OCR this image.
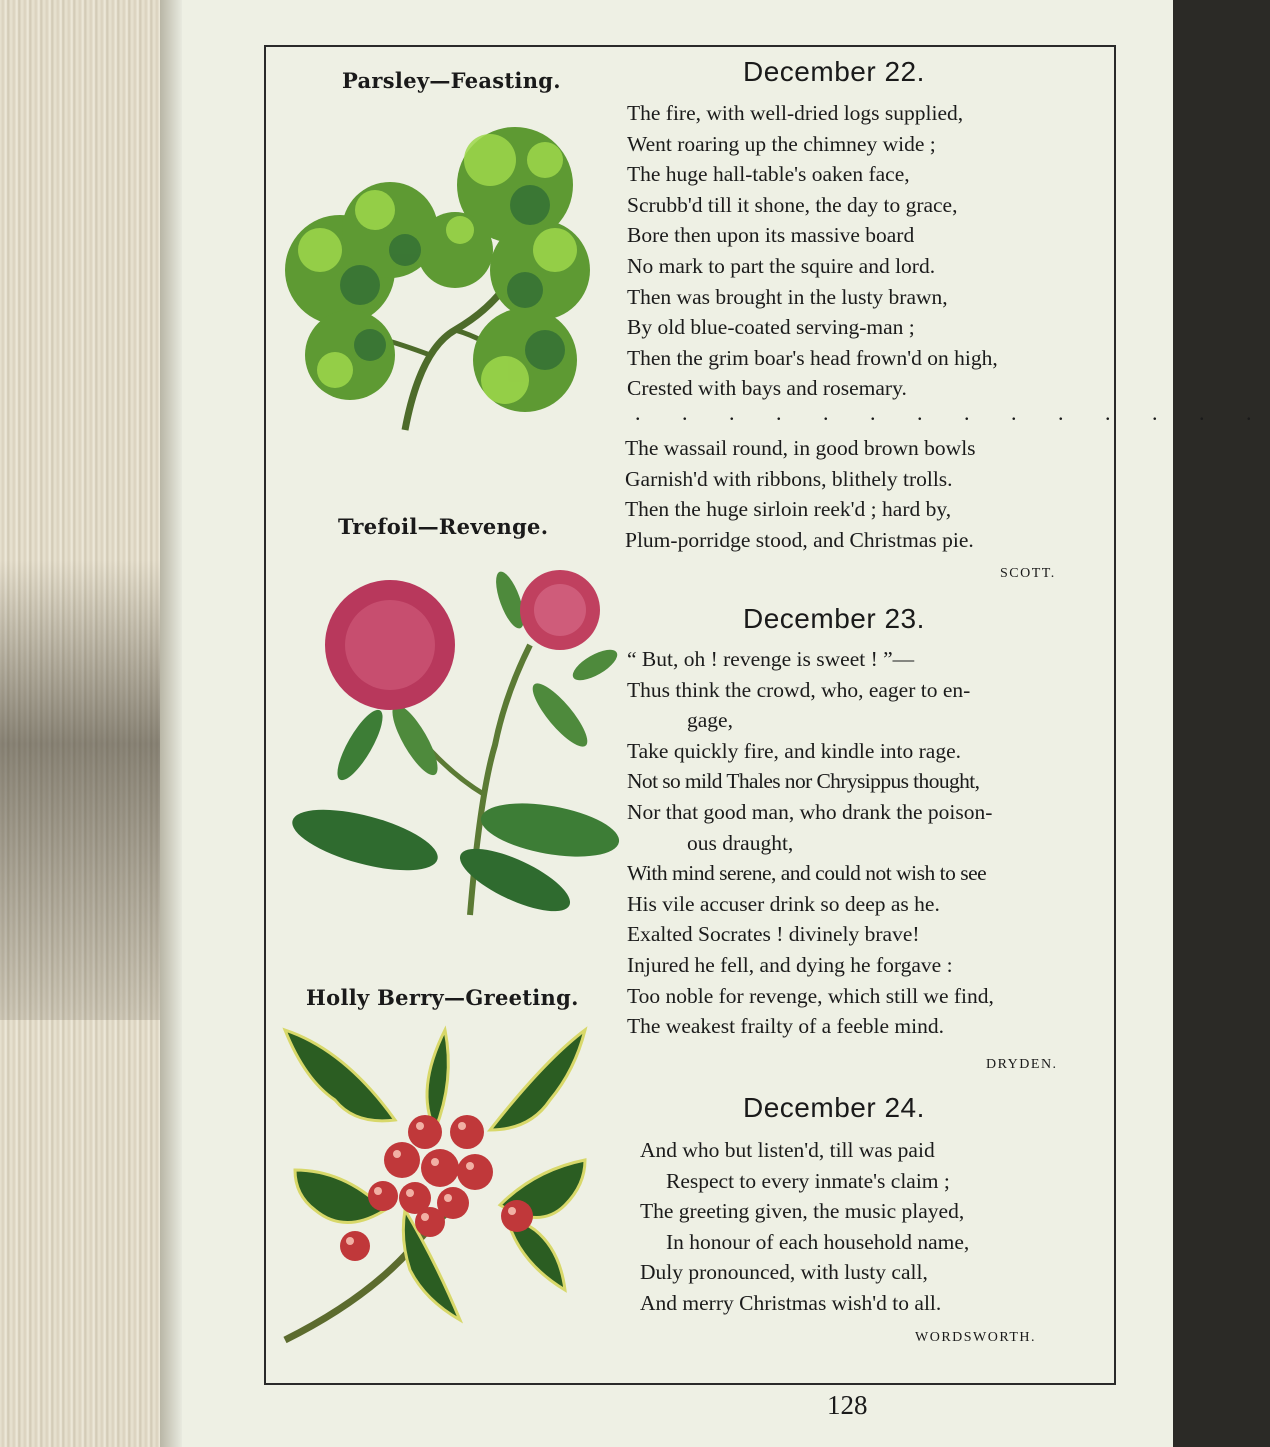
Parsley—Feasting.
Trefoil—Revenge.
Holly Berry—Greeting.
December 22.
The fire, with well-dried logs supplied,
Went roaring up the chimney wide ;
The huge hall-table's oaken face,
Scrubb'd till it shone, the day to grace,
Bore then upon its massive board
No mark to part the squire and lord.
Then was brought in the lusty brawn,
By old blue-coated serving-man ;
Then the grim boar's head frown'd on high,
Crested with bays and rosemary.
. . . . . . . . . . . . . .
The wassail round, in good brown bowls
Garnish'd with ribbons, blithely trolls.
Then the huge sirloin reek'd ; hard by,
Plum-porridge stood, and Christmas pie.
SCOTT.
December 23.
“ But, oh ! revenge is sweet ! ”—
Thus think the crowd, who, eager to en-
gage,
Take quickly fire, and kindle into rage.
Not so mild Thales nor Chrysippus thought,
Nor that good man, who drank the poison-
ous draught,
With mind serene, and could not wish to see
His vile accuser drink so deep as he.
Exalted Socrates ! divinely brave!
Injured he fell, and dying he forgave :
Too noble for revenge, which still we find,
The weakest frailty of a feeble mind.
DRYDEN.
December 24.
And who but listen'd, till was paid
Respect to every inmate's claim ;
The greeting given, the music played,
In honour of each household name,
Duly pronounced, with lusty call,
And merry Christmas wish'd to all.
WORDSWORTH.
128
